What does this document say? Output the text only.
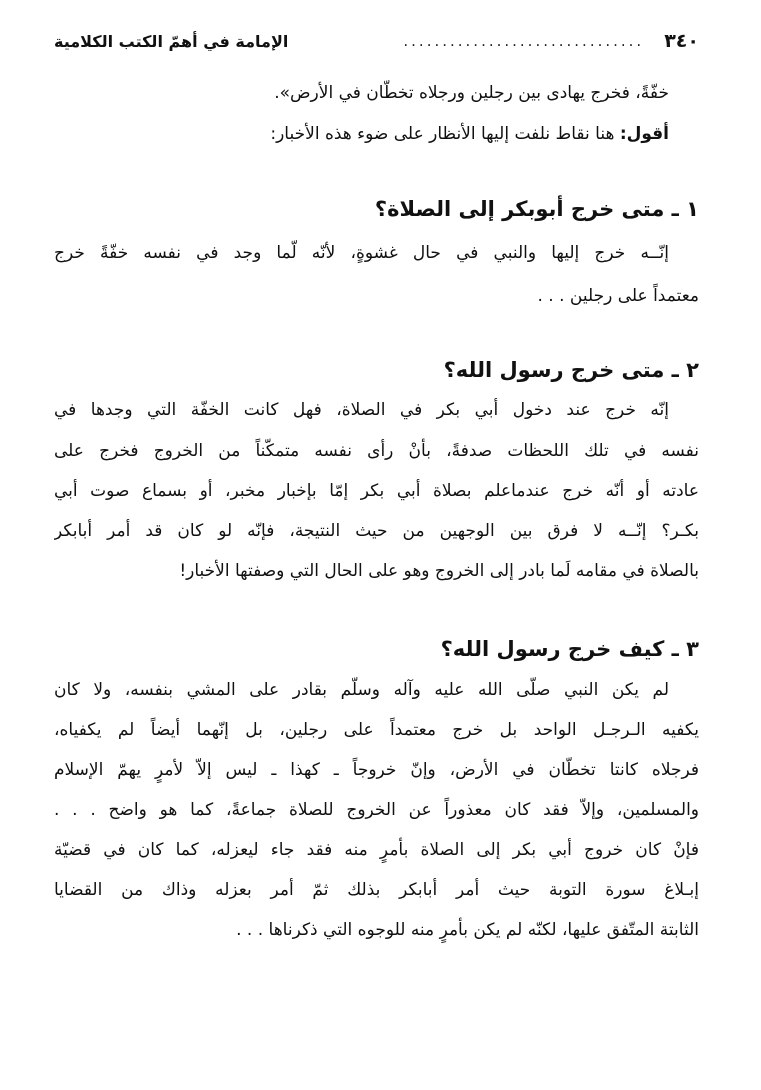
٣٤٠
...............................
الإمامة في أهمّ الكتب الكلامية
خفّةً، فخرج يهادى بين رجلين ورجلاه تخطّان في الأرض».
أقول: هنا نقاط نلفت إليها الأنظار على ضوء هذه الأخبار:
١ ـ متى خرج أبوبكر إلى الصلاة؟
إنّــه خرج إليها والنبي في حال غشوةٍ، لأنّه لّما وجد في نفسه خفّةً خرج
معتمداً على رجلين . . .
٢ ـ متى خرج رسول الله؟
إنّه خرج عند دخول أبي بكر في الصلاة، فهل كانت الخفّة التي وجدها في
نفسه في تلك اللحظات صدفةً، بأنْ رأى نفسه متمكّناً من الخروج فخرج على
عادته أو أنّه خرج عندماعلم بصلاة أبي بكر إمّا بإخبار مخبر، أو بسماع صوت أبي
بكـر؟ إنّــه لا فرق بين الوجهين من حيث النتيجة، فإنّه لو كان قد أمر أبابكر
بالصلاة في مقامه لَما بادر إلى الخروج وهو على الحال التي وصفتها الأخبار!
٣ ـ كيف خرج رسول الله؟
لم يكن النبي صلّى الله عليه وآله وسلّم بقادر على المشي بنفسه، ولا كان
يكفيه الـرجـل الواحد بل خرج معتمداً على رجلين، بل إنّهما أيضاً لم يكفياه،
فرجلاه كانتا تخطّان في الأرض، وإنّ خروجاً ـ كهذا ـ ليس إلاّ لأمرٍ يهمّ الإسلام
والمسلمين، وإلاّ فقد كان معذوراً عن الخروج للصلاة جماعةً، كما هو واضح . . .
فإنْ كان خروج أبي بكر إلى الصلاة بأمرٍ منه فقد جاء ليعزله، كما كان في قضيّة
إبـلاغ سورة التوبة حيث أمر أبابكر بذلك ثمّ أمر بعزله وذاك من القضايا
الثابتة المتّفق عليها، لكنّه لم يكن بأمرٍ منه للوجوه التي ذكرناها . . .
